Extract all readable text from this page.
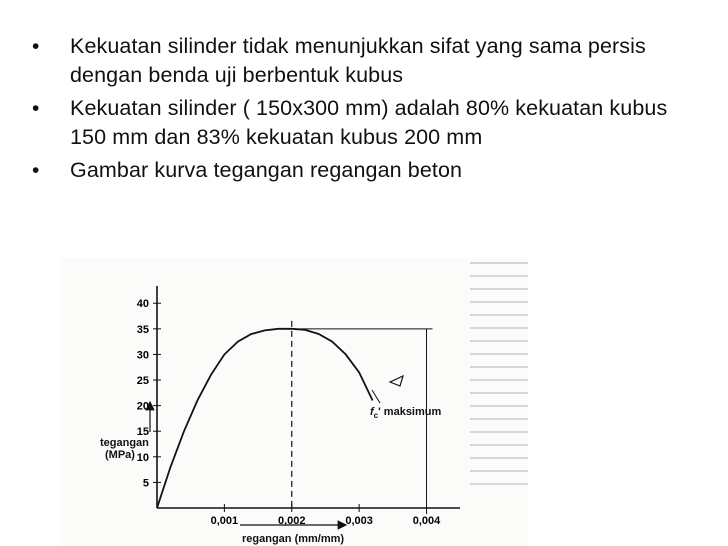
• Kekuatan silinder tidak menunjukkan sifat yang sama persis dengan benda uji berbentuk kubus
• Kekuatan silinder ( 150x300 mm) adalah 80% kekuatan kubus 150 mm dan 83% kekuatan kubus 200 mm
• Gambar kurva tegangan regangan beton
40
35
30
25
20
15
10
5
0,001	0,002	0,003	0,004
tegangan (MPa)
regangan (mm/mm)
$f_c'$ maksimum
